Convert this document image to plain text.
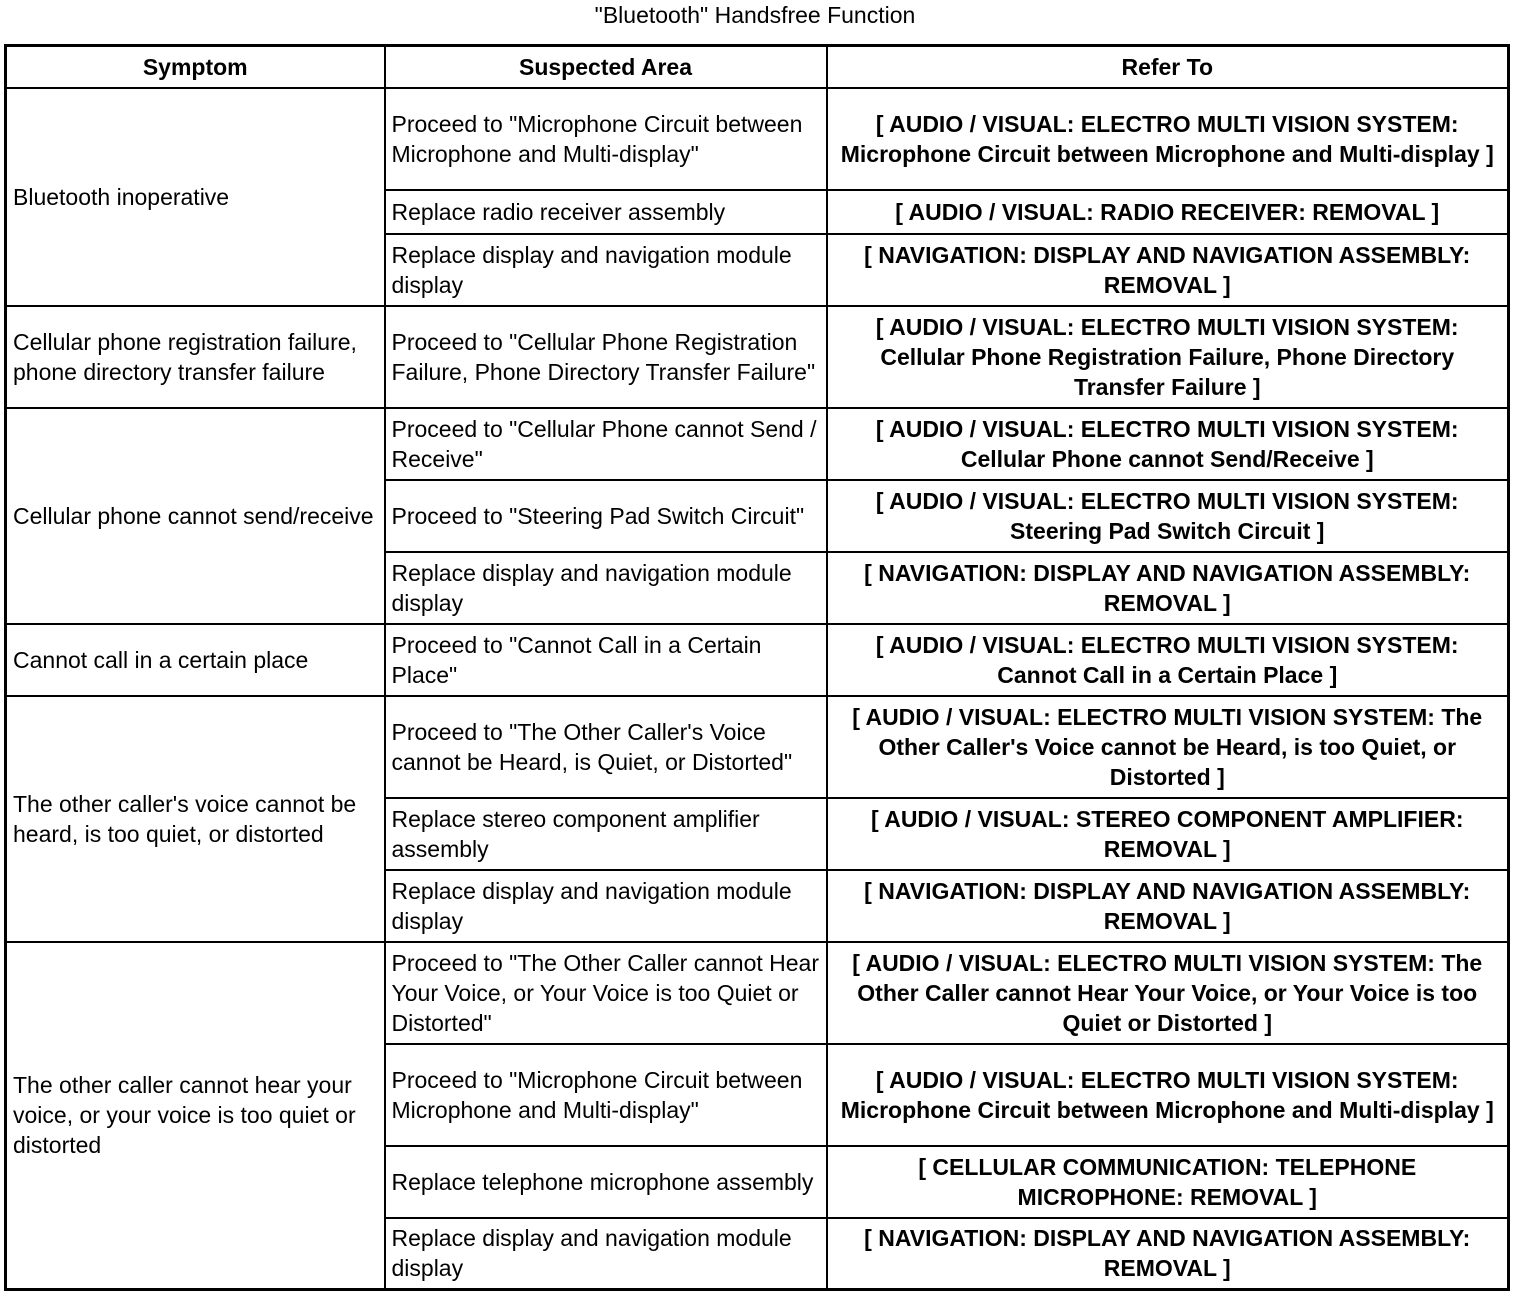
"Bluetooth" Handsfree Function
Symptom	Suspected Area	Refer To
Bluetooth inoperative	Proceed to "Microphone Circuit between Microphone and Multi-display"	[ AUDIO / VISUAL: ELECTRO MULTI VISION SYSTEM: Microphone Circuit between Microphone and Multi-display ]
	Replace radio receiver assembly	[ AUDIO / VISUAL: RADIO RECEIVER: REMOVAL ]
	Replace display and navigation module display	[ NAVIGATION: DISPLAY AND NAVIGATION ASSEMBLY: REMOVAL ]
Cellular phone registration failure, phone directory transfer failure	Proceed to "Cellular Phone Registration Failure, Phone Directory Transfer Failure"	[ AUDIO / VISUAL: ELECTRO MULTI VISION SYSTEM: Cellular Phone Registration Failure, Phone Directory Transfer Failure ]
Cellular phone cannot send/receive	Proceed to "Cellular Phone cannot Send / Receive"	[ AUDIO / VISUAL: ELECTRO MULTI VISION SYSTEM: Cellular Phone cannot Send/Receive ]
	Proceed to "Steering Pad Switch Circuit"	[ AUDIO / VISUAL: ELECTRO MULTI VISION SYSTEM: Steering Pad Switch Circuit ]
	Replace display and navigation module display	[ NAVIGATION: DISPLAY AND NAVIGATION ASSEMBLY: REMOVAL ]
Cannot call in a certain place	Proceed to "Cannot Call in a Certain Place"	[ AUDIO / VISUAL: ELECTRO MULTI VISION SYSTEM: Cannot Call in a Certain Place ]
The other caller's voice cannot be heard, is too quiet, or distorted	Proceed to "The Other Caller's Voice cannot be Heard, is Quiet, or Distorted"	[ AUDIO / VISUAL: ELECTRO MULTI VISION SYSTEM: The Other Caller's Voice cannot be Heard, is too Quiet, or Distorted ]
	Replace stereo component amplifier assembly	[ AUDIO / VISUAL: STEREO COMPONENT AMPLIFIER: REMOVAL ]
	Replace display and navigation module display	[ NAVIGATION: DISPLAY AND NAVIGATION ASSEMBLY: REMOVAL ]
The other caller cannot hear your voice, or your voice is too quiet or distorted	Proceed to "The Other Caller cannot Hear Your Voice, or Your Voice is too Quiet or Distorted"	[ AUDIO / VISUAL: ELECTRO MULTI VISION SYSTEM: The Other Caller cannot Hear Your Voice, or Your Voice is too Quiet or Distorted ]
	Proceed to "Microphone Circuit between Microphone and Multi-display"	[ AUDIO / VISUAL: ELECTRO MULTI VISION SYSTEM: Microphone Circuit between Microphone and Multi-display ]
	Replace telephone microphone assembly	[ CELLULAR COMMUNICATION: TELEPHONE MICROPHONE: REMOVAL ]
	Replace display and navigation module display	[ NAVIGATION: DISPLAY AND NAVIGATION ASSEMBLY: REMOVAL ]
